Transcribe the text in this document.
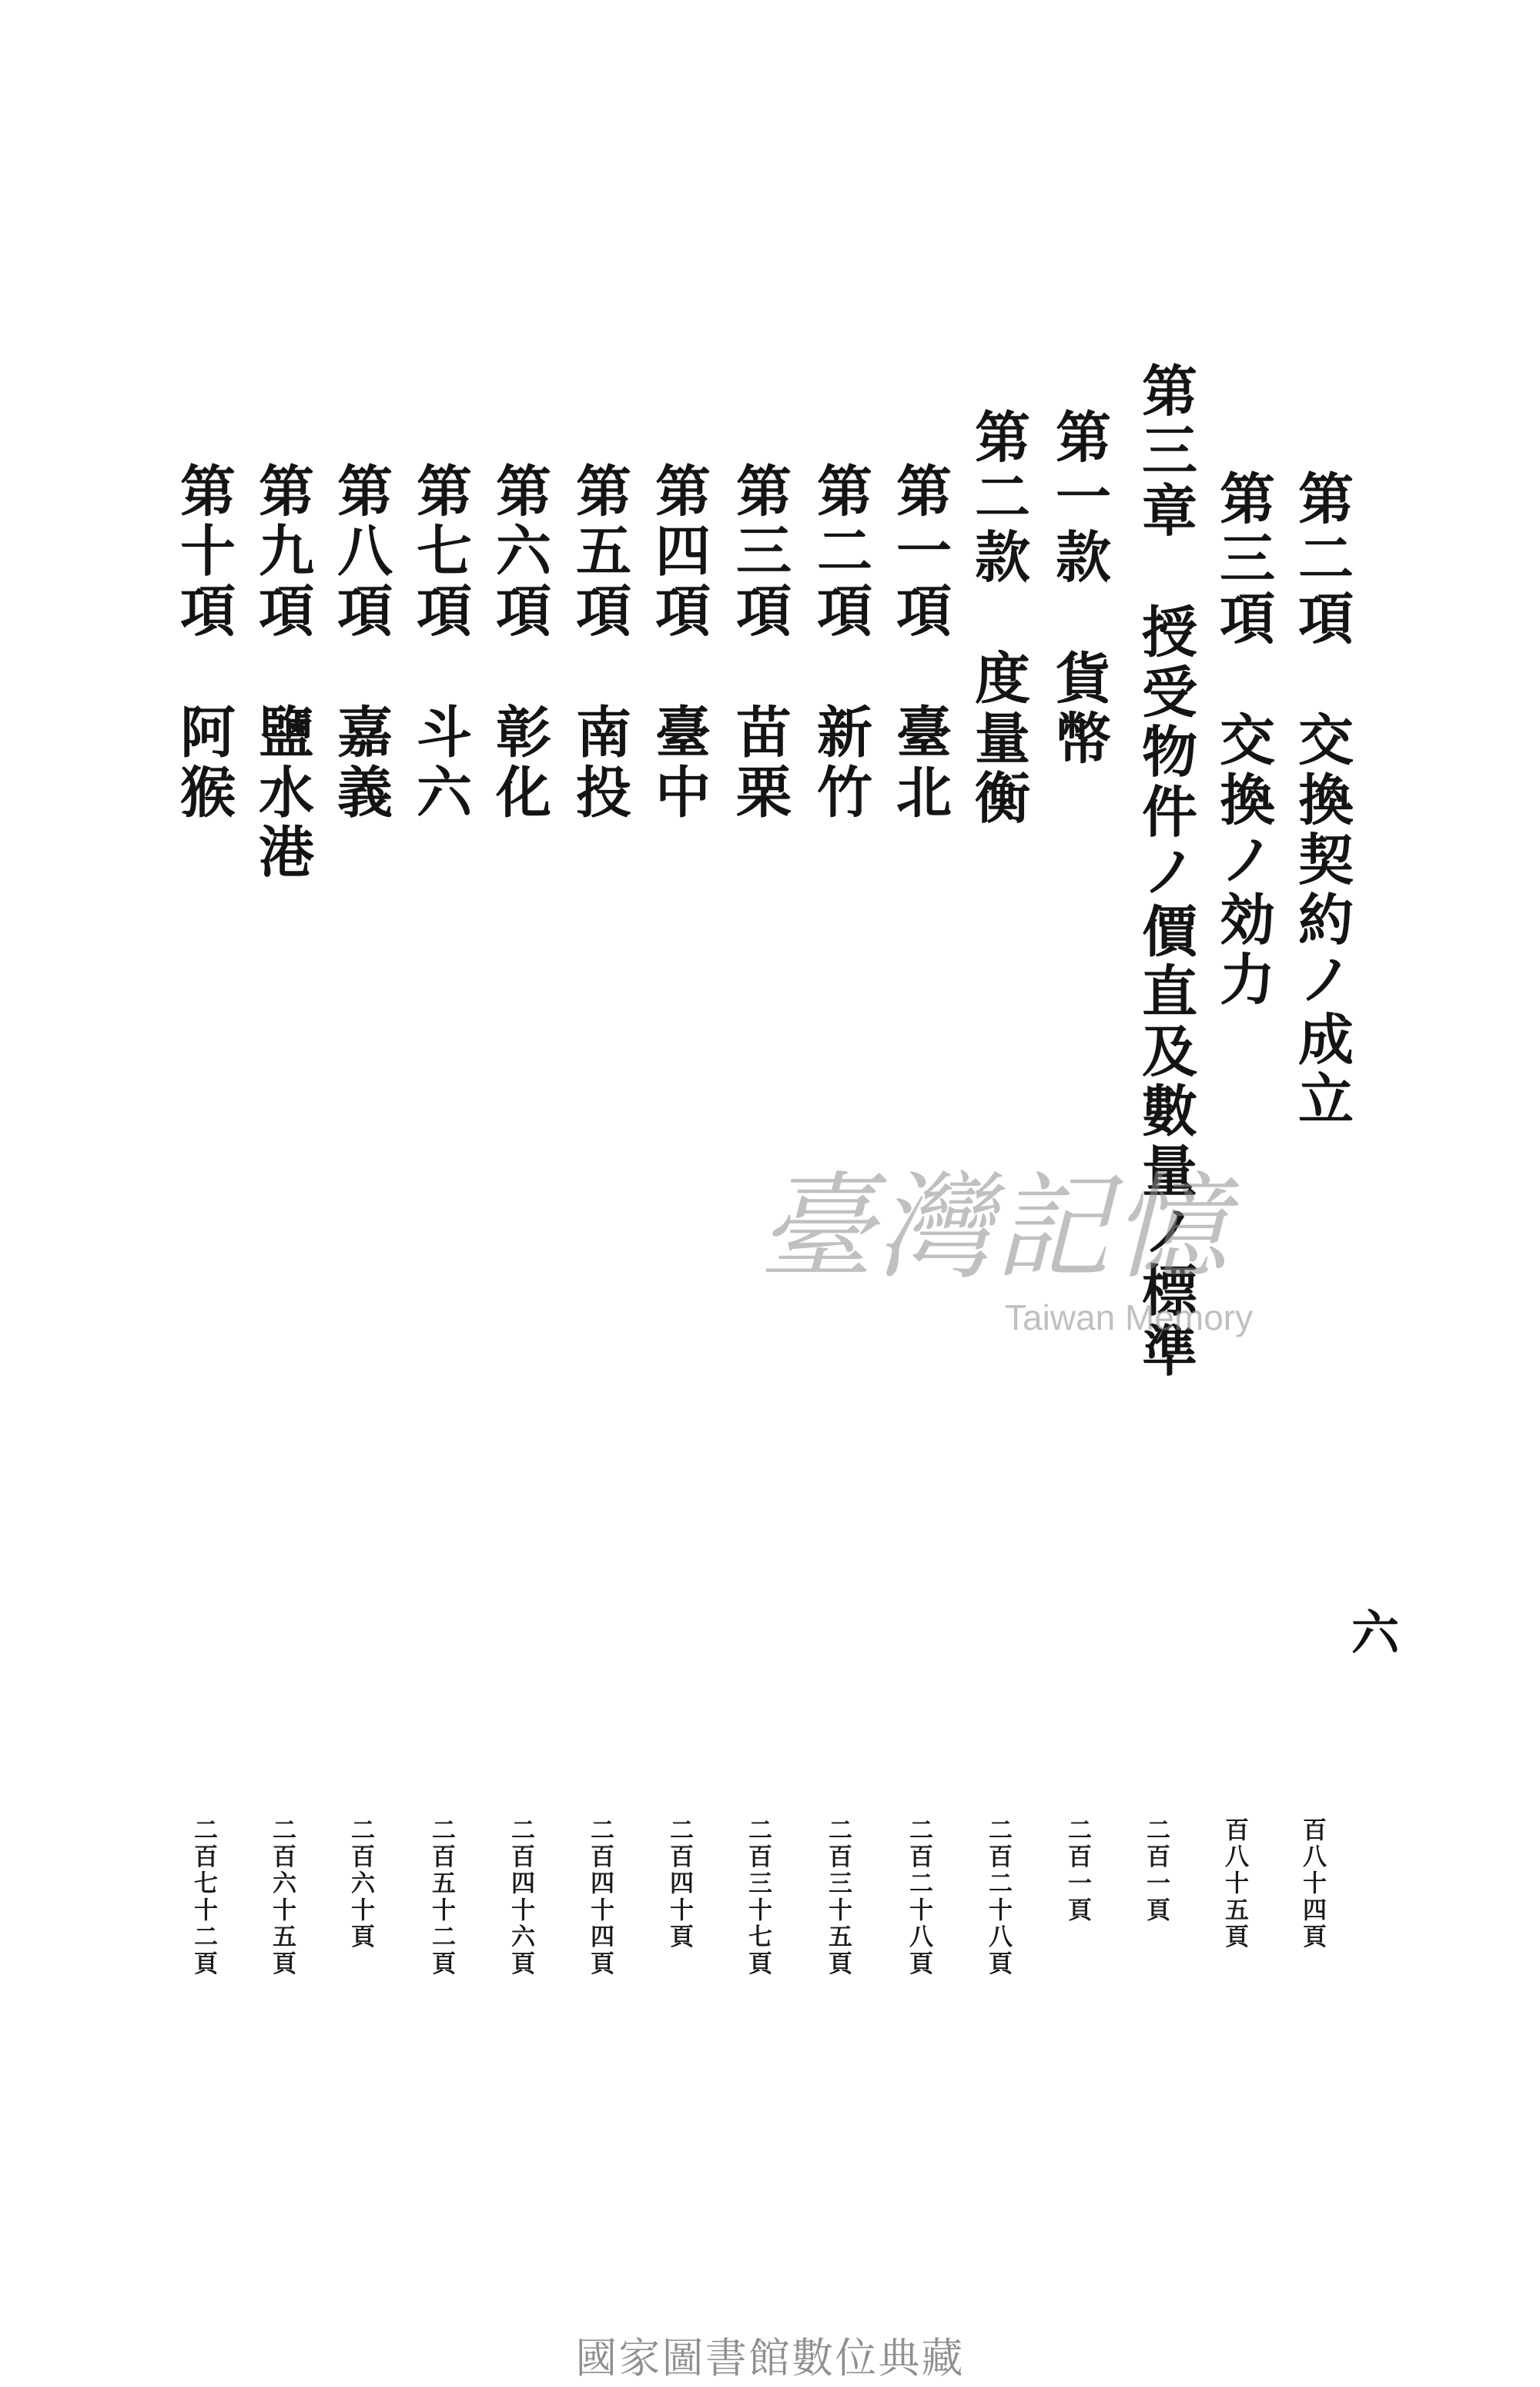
第二項交換契約ノ成立
第三項交換ノ効力
第三章授受物件ノ價直及數量ノ標準
第一款貨幣
第二款度量衡
第一項臺北
第二項新竹
第三項苗栗
第四項臺中
第五項南投
第六項彰化
第七項斗六
第八項嘉義
第九項鹽水港
第十項阿猴
六
百八十四頁
百八十五頁
二百一頁
二百一頁
二百二十八頁
二百二十八頁
二百三十五頁
二百三十七頁
二百四十頁
二百四十四頁
二百四十六頁
二百五十二頁
二百六十頁
二百六十五頁
二百七十二頁
臺灣記憶
Taiwan Memory
國家圖書館數位典藏
